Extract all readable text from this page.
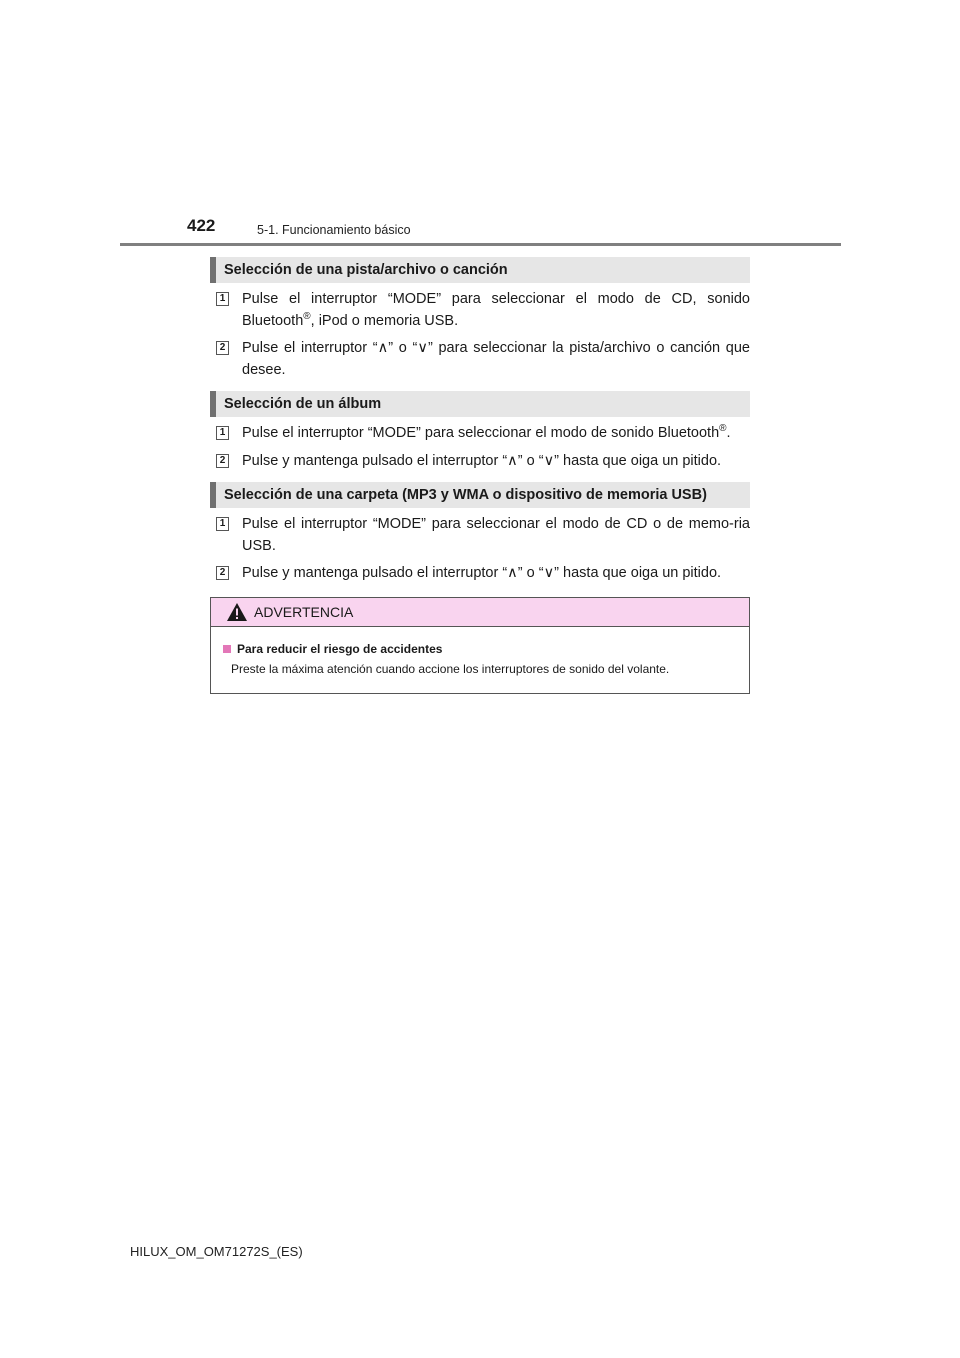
422	5-1. Funcionamiento básico
Selección de una pista/archivo o canción
1 Pulse el interruptor “MODE” para seleccionar el modo de CD, sonido Bluetooth®, iPod o memoria USB.
2 Pulse el interruptor “∧” o “∨” para seleccionar la pista/archivo o canción que desee.
Selección de un álbum
1 Pulse el interruptor “MODE” para seleccionar el modo de sonido Bluetooth®.
2 Pulse y mantenga pulsado el interruptor “∧” o “∨” hasta que oiga un pitido.
Selección de una carpeta (MP3 y WMA o dispositivo de memoria USB)
1 Pulse el interruptor “MODE” para seleccionar el modo de CD o de memo-ria USB.
2 Pulse y mantenga pulsado el interruptor “∧” o “∨” hasta que oiga un pitido.
ADVERTENCIA
Para reducir el riesgo de accidentes
Preste la máxima atención cuando accione los interruptores de sonido del volante.
HILUX_OM_OM71272S_(ES)
